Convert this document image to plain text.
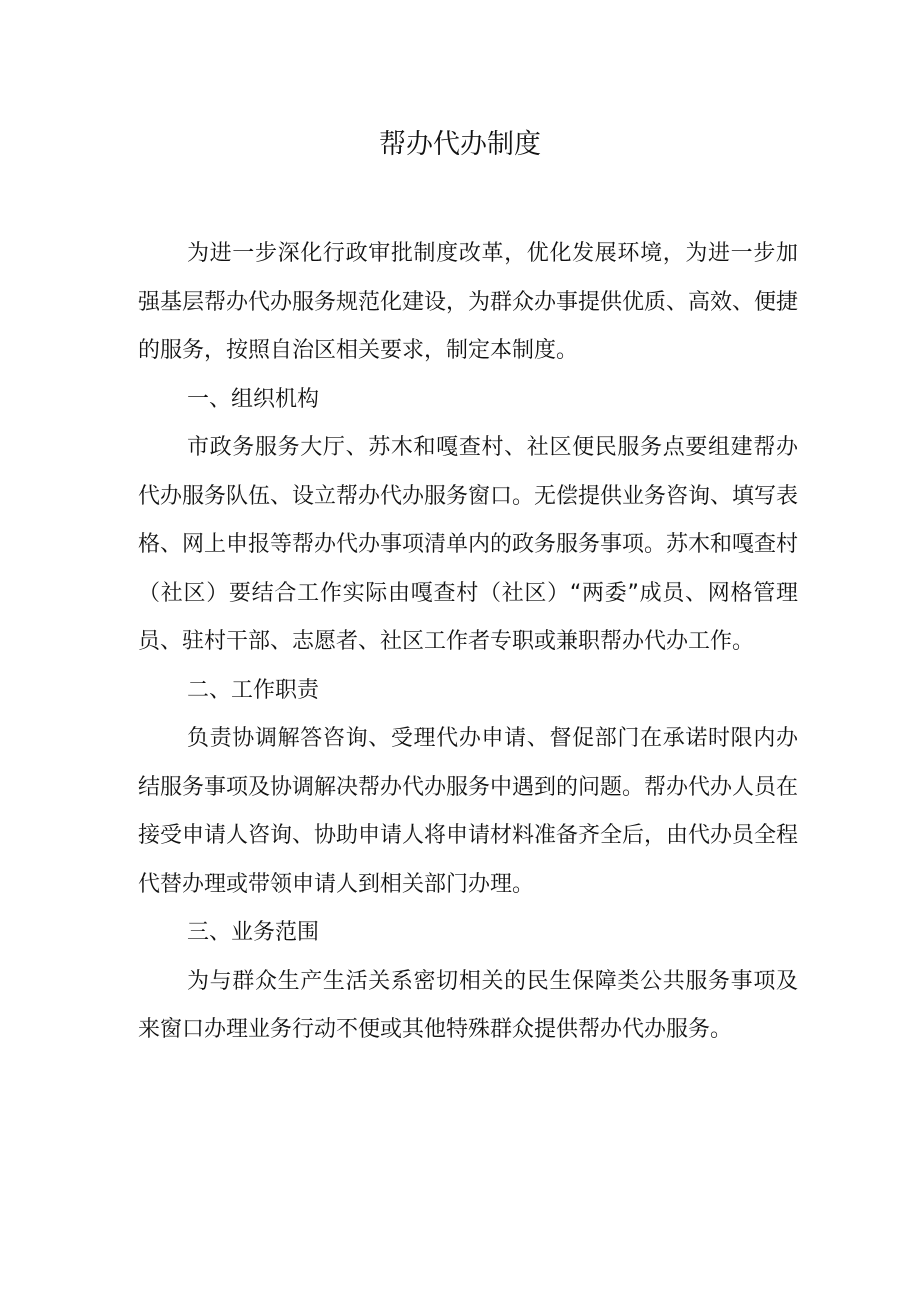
帮办代办制度

为进一步深化行政审批制度改革，优化发展环境，为进一步加强基层帮办代办服务规范化建设，为群众办事提供优质、高效、便捷的服务，按照自治区相关要求，制定本制度。

一、组织机构

市政务服务大厅、苏木和嘎查村、社区便民服务点要组建帮办代办服务队伍、设立帮办代办服务窗口。无偿提供业务咨询、填写表格、网上申报等帮办代办事项清单内的政务服务事项。苏木和嘎查村（社区）要结合工作实际由嘎查村（社区）“两委”成员、网格管理员、驻村干部、志愿者、社区工作者专职或兼职帮办代办工作。

二、工作职责

负责协调解答咨询、受理代办申请、督促部门在承诺时限内办结服务事项及协调解决帮办代办服务中遇到的问题。帮办代办人员在接受申请人咨询、协助申请人将申请材料准备齐全后，由代办员全程代替办理或带领申请人到相关部门办理。

三、业务范围

为与群众生产生活关系密切相关的民生保障类公共服务事项及来窗口办理业务行动不便或其他特殊群众提供帮办代办服务。
